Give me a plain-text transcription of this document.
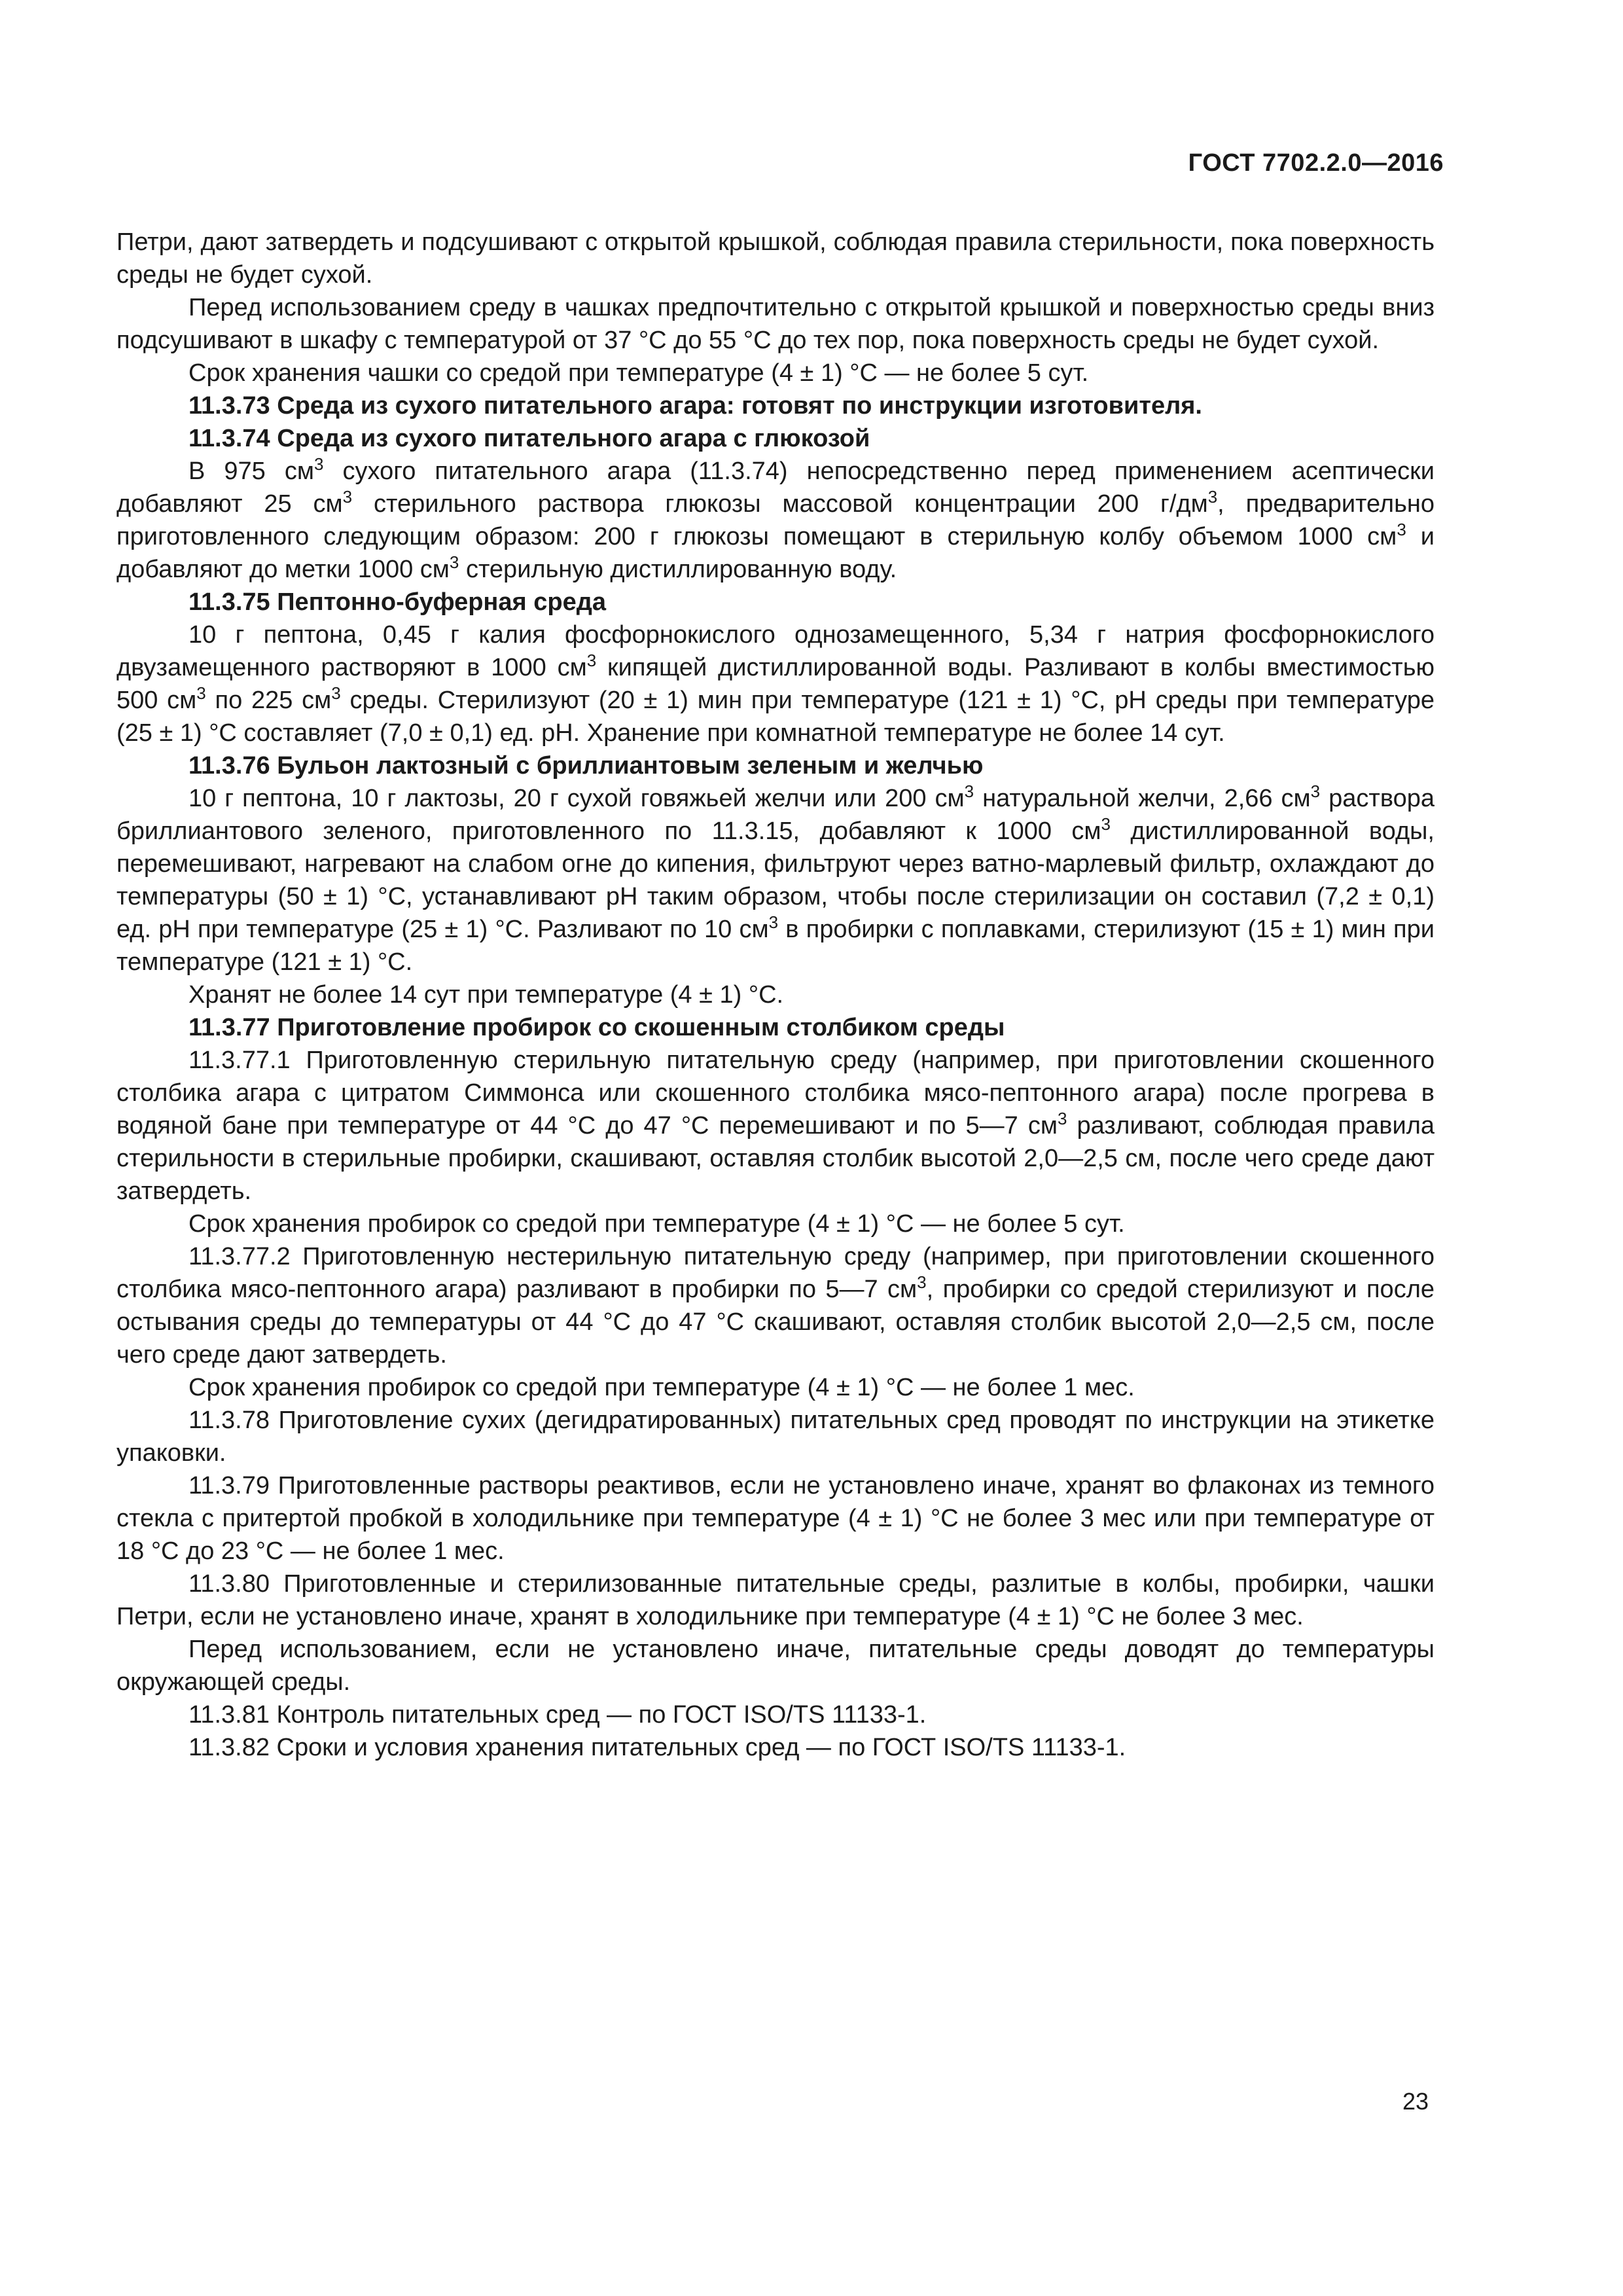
ГОСТ 7702.2.0—2016

Петри, дают затвердеть и подсушивают с открытой крышкой, соблюдая правила стерильности, пока поверхность среды не будет сухой.

Перед использованием среду в чашках предпочтительно с открытой крышкой и поверхностью среды вниз подсушивают в шкафу с температурой от 37 °С до 55 °С до тех пор, пока поверхность среды не будет сухой.

Срок хранения чашки со средой при температуре (4 ± 1) °С — не более 5 сут.

11.3.73 Среда из сухого питательного агара: готовят по инструкции изготовителя.

11.3.74 Среда из сухого питательного агара с глюкозой

В 975 $см^3$ сухого питательного агара (11.3.74) непосредственно перед применением асептически добавляют 25 $см^3$ стерильного раствора глюкозы массовой концентрации 200 $г/дм^3$, предварительно приготовленного следующим образом: 200 г глюкозы помещают в стерильную колбу объемом 1000 $см^3$ и добавляют до метки 1000 $см^3$ стерильную дистиллированную воду.

11.3.75 Пептонно-буферная среда

10 г пептона, 0,45 г калия фосфорнокислого однозамещенного, 5,34 г натрия фосфорнокислого двузамещенного растворяют в 1000 $см^3$ кипящей дистиллированной воды. Разливают в колбы вместимостью 500 $см^3$ по 225 $см^3$ среды. Стерилизуют (20 ± 1) мин при температуре (121 ± 1) °С, pH среды при температуре (25 ± 1) °С составляет (7,0 ± 0,1) ед. pH. Хранение при комнатной температуре не более 14 сут.

11.3.76 Бульон лактозный с бриллиантовым зеленым и желчью

10 г пептона, 10 г лактозы, 20 г сухой говяжьей желчи или 200 $см^3$ натуральной желчи, 2,66 $см^3$ раствора бриллиантового зеленого, приготовленного по 11.3.15, добавляют к 1000 $см^3$ дистиллированной воды, перемешивают, нагревают на слабом огне до кипения, фильтруют через ватно-марлевый фильтр, охлаждают до температуры (50 ± 1) °С, устанавливают pH таким образом, чтобы после стерилизации он составил (7,2 ± 0,1) ед. pH при температуре (25 ± 1) °С. Разливают по 10 $см^3$ в пробирки с поплавками, стерилизуют (15 ± 1) мин при температуре (121 ± 1) °С.

Хранят не более 14 сут при температуре (4 ± 1) °С.

11.3.77 Приготовление пробирок со скошенным столбиком среды

11.3.77.1 Приготовленную стерильную питательную среду (например, при приготовлении скошенного столбика агара с цитратом Симмонса или скошенного столбика мясо-пептонного агара) после прогрева в водяной бане при температуре от 44 °С до 47 °С перемешивают и по 5—7 $см^3$ разливают, соблюдая правила стерильности в стерильные пробирки, скашивают, оставляя столбик высотой 2,0—2,5 см, после чего среде дают затвердеть.

Срок хранения пробирок со средой при температуре (4 ± 1) °С — не более 5 сут.

11.3.77.2 Приготовленную нестерильную питательную среду (например, при приготовлении скошенного столбика мясо-пептонного агара) разливают в пробирки по 5—7 $см^3$, пробирки со средой стерилизуют и после остывания среды до температуры от 44 °С до 47 °С скашивают, оставляя столбик высотой 2,0—2,5 см, после чего среде дают затвердеть.

Срок хранения пробирок со средой при температуре (4 ± 1) °С — не более 1 мес.

11.3.78 Приготовление сухих (дегидратированных) питательных сред проводят по инструкции на этикетке упаковки.

11.3.79 Приготовленные растворы реактивов, если не установлено иначе, хранят во флаконах из темного стекла с притертой пробкой в холодильнике при температуре (4 ± 1) °С не более 3 мес или при температуре от 18 °С до 23 °С — не более 1 мес.

11.3.80 Приготовленные и стерилизованные питательные среды, разлитые в колбы, пробирки, чашки Петри, если не установлено иначе, хранят в холодильнике при температуре (4 ± 1) °С не более 3 мес.

Перед использованием, если не установлено иначе, питательные среды доводят до температуры окружающей среды.

11.3.81 Контроль питательных сред — по ГОСТ ISO/TS 11133-1.

11.3.82 Сроки и условия хранения питательных сред — по ГОСТ ISO/TS 11133-1.

23
